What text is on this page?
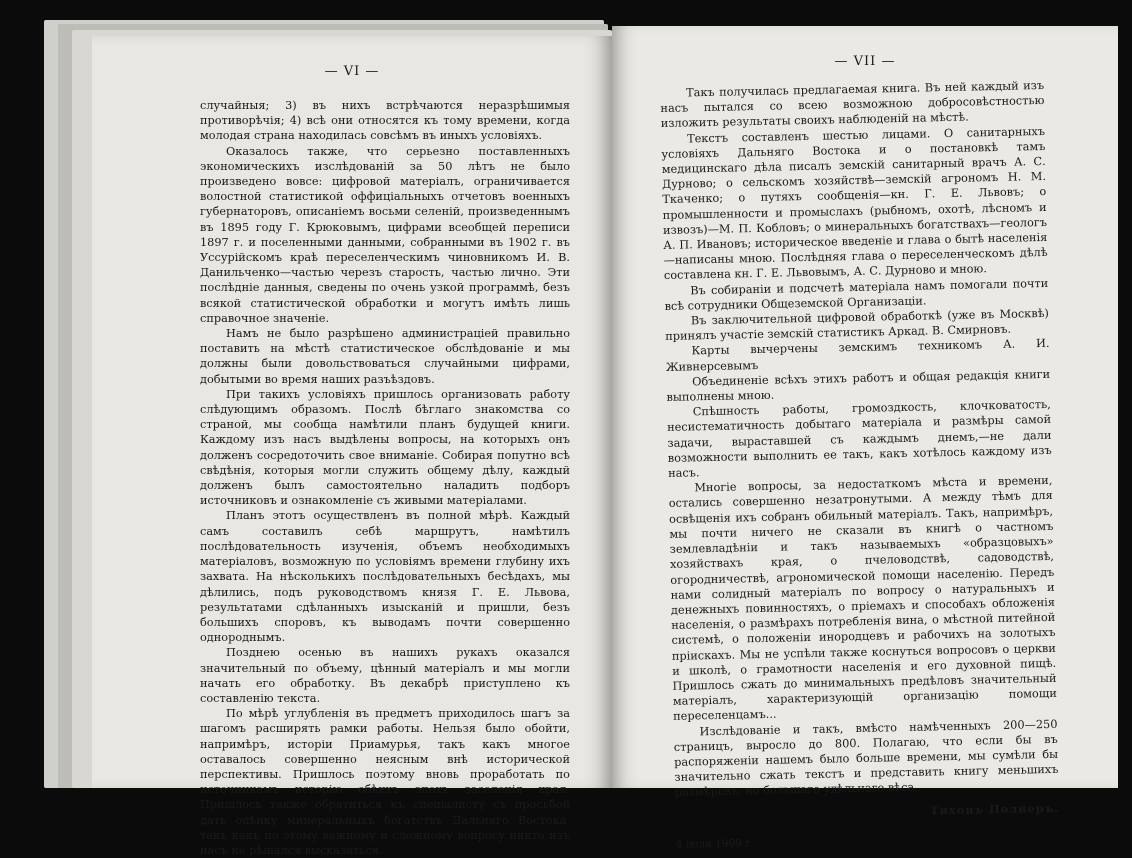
— VI —

случайныя; 3) въ нихъ встрѣчаются неразрѣшимыя противорѣчія; 4) всѣ они относятся къ тому времени, когда молодая страна находилась совсѣмъ въ иныхъ условіяхъ.

Оказалось также, что серьезно поставленныхъ экономическихъ изслѣдованій за 50 лѣтъ не было произведено вовсе: цифровой матеріалъ, ограничивается волостной статистикой оффиціальныхъ отчетовъ военныхъ губернаторовъ, описаніемъ восьми селеній, произведеннымъ въ 1895 году Г. Крюковымъ, цифрами всеобщей переписи 1897 г. и поселенными данными, собранными въ 1902 г. въ Уссурійскомъ краѣ переселенческимъ чиновникомъ И. В. Данильченко—частью черезъ старость, частью лично. Эти послѣдніе данныя, сведены по очень узкой программѣ, безъ всякой статистической обработки и могутъ имѣть лишь справочное значеніе.

Намъ не было разрѣшено администраціей правильно поставить на мѣстѣ статистическое обслѣдованіе и мы должны были довольствоваться случайными цифрами, добытыми во время наших разъѣздовъ.

При такихъ условіяхъ пришлось организовать работу слѣдующимъ образомъ. Послѣ бѣглаго знакомства со страной, мы сообща намѣтили планъ будущей книги. Каждому изъ насъ выдѣлены вопросы, на которыхъ онъ долженъ сосредоточить свое вниманіе. Собирая попутно всѣ свѣдѣнія, которыя могли служить общему дѣлу, каждый долженъ былъ самостоятельно наладить подборъ источниковъ и ознакомленіе съ живыми матеріалами.

Планъ этотъ осуществленъ въ полной мѣрѣ. Каждый самъ составилъ себѣ маршрутъ, намѣтилъ послѣдовательность изученія, объемъ необходимыхъ матеріаловъ, возможную по условіямъ времени глубину ихъ захвата. На нѣсколькихъ послѣдовательныхъ бесѣдахъ, мы дѣлились, подъ руководствомъ князя Г. Е. Львова, результатами сдѣланныхъ изысканій и пришли, безъ большихъ споровъ, къ выводамъ почти совершенно однороднымъ.

Позднею осенью въ нашихъ рукахъ оказался значительный по объему, цѣнный матеріалъ и мы могли начать его обработку. Въ декабрѣ приступлено къ составленію текста.

По мѣрѣ углубленія въ предметъ приходилось шагъ за шагомъ расширять рамки работы. Нельзя было обойти, напримѣръ, исторіи Приамурья, такъ какъ многое оставалось совершенно неясным внѣ исторической перспективы. Пришлось поэтому вновь проработать по источникамъ исторію обѣихъ эпохъ заселенія края. Пришлось также обратиться къ спеціалисту съ просьбой дать оцѣнку минеральныхъ богатствъ Дальняго Востока, такъ какъ по этому важному и сложному вопросу никто изъ насъ не рѣшался высказаться.

— VII —

Такъ получилась предлагаемая книга. Въ ней каждый изъ насъ пытался со всею возможною добросовѣстностью изложить результаты своихъ наблюденій на мѣстѣ.

Текстъ составленъ шестью лицами. О санитарныхъ условіяхъ Дальняго Востока и о постановкѣ тамъ медицинскаго дѣла писалъ земскій санитарный врачъ А. С. Дурново; о сельскомъ хозяйствѣ—земскій агрономъ Н. М. Ткаченко; о путяхъ сообщенія—кн. Г. Е. Львовъ; о промышленности и промыслахъ (рыбномъ, охотѣ, лѣсномъ и извозъ)—М. П. Кобловъ; о минеральныхъ богатствахъ—геологъ А. П. Ивановъ; историческое введеніе и глава о бытѣ населенія—написаны мною. Послѣдняя глава о переселенческомъ дѣлѣ составлена кн. Г. Е. Львовымъ, А. С. Дурново и мною.

Въ собираніи и подсчетѣ матеріала намъ помогали почти всѣ сотрудники Общеземской Организаціи.

Въ заключительной цифровой обработкѣ (уже въ Москвѣ) принялъ участіе земскій статистикъ Аркад. В. Смирновъ.

Карты вычерчены земскимъ техникомъ А. И. Живнерсевымъ

Объединеніе всѣхъ этихъ работъ и общая редакція книги выполнены мною.

Спѣшность работы, громоздкость, клочковатость, несистематичность добытаго матеріала и размѣры самой задачи, выраставшей съ каждымъ днемъ,—не дали возможности выполнить ее такъ, какъ хотѣлось каждому изъ насъ.

Многіе вопросы, за недостаткомъ мѣста и времени, остались совершенно незатронутыми. А между тѣмъ для освѣщенія ихъ собранъ обильный матеріалъ. Такъ, напримѣръ, мы почти ничего не сказали въ книгѣ о частномъ землевладѣніи и такъ называемыхъ «образцовыхъ» хозяйствахъ края, о пчеловодствѣ, садоводствѣ, огородничествѣ, агрономической помощи населенію. Передъ нами солидный матеріалъ по вопросу о натуральныхъ и денежныхъ повинностяхъ, о пріемахъ и способахъ обложенія населенія, о размѣрахъ потребленія вина, о мѣстной питейной системѣ, о положеніи инородцевъ и рабочихъ на золотыхъ пріискахъ. Мы не успѣли также коснуться вопросовъ о церкви и школѣ, о грамотности населенія и его духовной пищѣ. Пришлось сжать до минимальныхъ предѣловъ значительный матеріалъ, характеризующій организацію помощи переселенцамъ...

Изслѣдованіе и такъ, вмѣсто намѣченныхъ 200—250 страницъ, выросло до 800. Полагаю, что если бы въ распоряженіи нашемъ было больше времени, мы сумѣли бы значительно сжать текстъ и представить книгу меньшихъ размѣровъ, но большаго удѣльнаго вѣса.

Тихонъ Полнеръ.

4 іюля 1909 г.
